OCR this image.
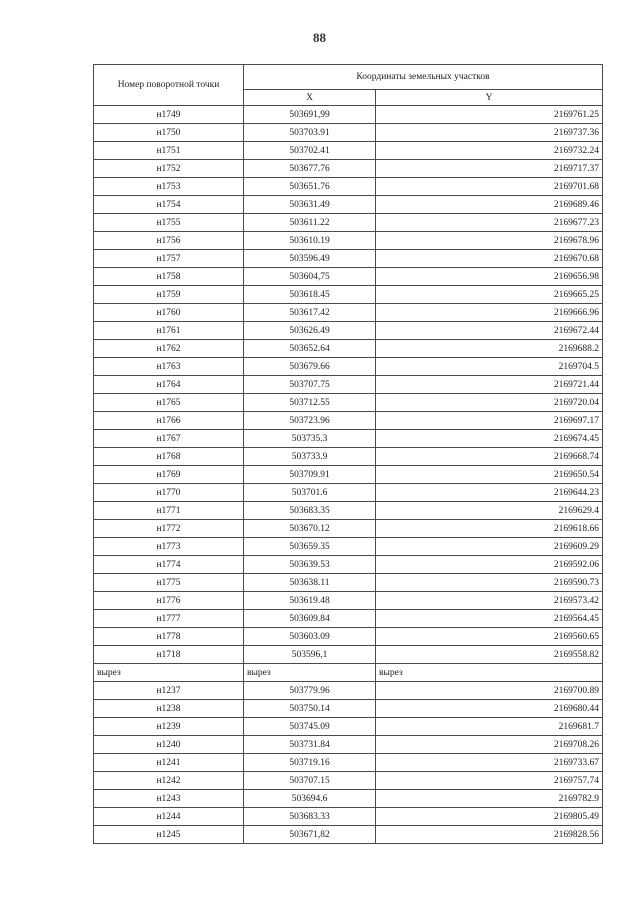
88
Номер поворотной точки	Координаты земельных участков	
	X	Y
н1749	503691,99	2169761.25
н1750	503703.91	2169737.36
н1751	503702.41	2169732.24
н1752	503677.76	2169717.37
н1753	503651.76	2169701.68
н1754	503631.49	2169689.46
н1755	503611.22	2169677.23
н1756	503610.19	2169678.96
н1757	503596.49	2169670.68
н1758	503604,75	2169656.98
н1759	503618.45	2169665.25
н1760	503617.42	2169666.96
н1761	503626.49	2169672.44
н1762	503652.64	2169688.2
н1763	503679.66	2169704.5
н1764	503707.75	2169721.44
н1765	503712.55	2169720.04
н1766	503723.96	2169697.17
н1767	503735.3	2169674.45
н1768	503733.9	2169668.74
н1769	503709.91	2169650.54
н1770	503701.6	2169644.23
н1771	503683.35	2169629.4
н1772	503670.12	2169618.66
н1773	503659.35	2169609.29
н1774	503639.53	2169592.06
н1775	503638.11	2169590.73
н1776	503619.48	2169573.42
н1777	503609.84	2169564.45
н1778	503603.09	2169560.65
н1718	503596,1	2169558.82
вырез	вырез	вырез
н1237	503779.96	2169700.89
н1238	503750.14	2169680.44
н1239	503745.09	2169681.7
н1240	503731.84	2169708.26
н1241	503719.16	2169733.67
н1242	503707.15	2169757.74
н1243	503694.6	2169782.9
н1244	503683.33	2169805.49
н1245	503671,82	2169828.56
